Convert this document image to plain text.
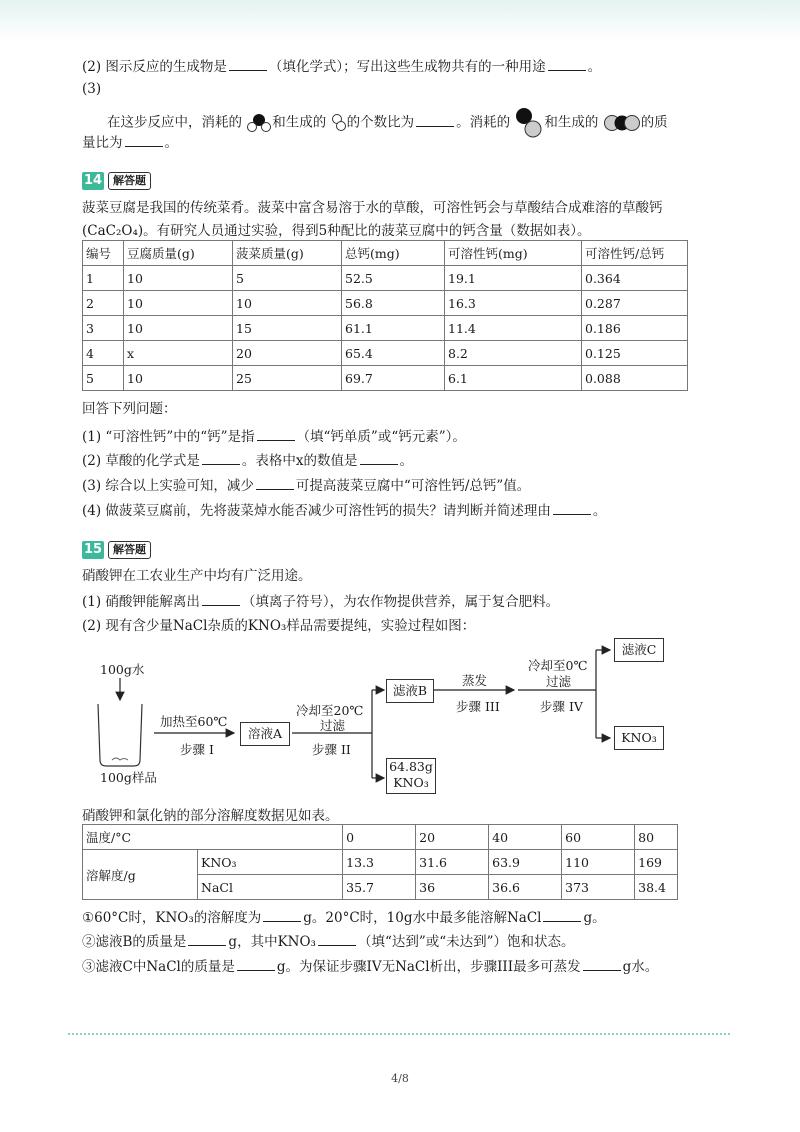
(2) 图示反应的生成物是	（填化学式）；写出这些生成物共有的一种用途	。
(3)
在这步反应中，消耗的 和生成的 的个数比为	。消耗的	和生成的	的质
量比为	。
14 解答题
菠菜豆腐是我国的传统菜肴。菠菜中富含易溶于水的草酸，可溶性钙会与草酸结合成难溶的草酸钙
(CaC₂O₄)。有研究人员通过实验，得到5种配比的菠菜豆腐中的钙含量（数据如表）。
编号	豆腐质量(g)	菠菜质量(g)	总钙(mg)	可溶性钙(mg)	可溶性钙/总钙
1	10	5	52.5	19.1	0.364
2	10	10	56.8	16.3	0.287
3	10	15	61.1	11.4	0.186
4	x	20	65.4	8.2	0.125
5	10	25	69.7	6.1	0.088
回答下列问题：
(1) “可溶性钙”中的“钙”是指	（填“钙单质”或“钙元素”）。
(2) 草酸的化学式是	。表格中x的数值是	。
(3) 综合以上实验可知，减少	可提高菠菜豆腐中“可溶性钙/总钙”值。
(4) 做菠菜豆腐前，先将菠菜焯水能否减少可溶性钙的损失？请判断并简述理由	。
15 解答题
硝酸钾在工农业生产中均有广泛用途。
(1) 硝酸钾能解离出	（填离子符号），为农作物提供营养，属于复合肥料。
(2) 现有含少量NaCl杂质的KNO₃样品需要提纯，实验过程如图：
100g水
100g样品
加热至60℃
步骤 I
溶液A
冷却至20℃
过滤
步骤 II
滤液B
64.83g
KNO₃
蒸发
步骤 III
冷却至0℃
过滤
步骤 IV
滤液C
KNO₃
硝酸钾和氯化钠的部分溶解度数据见如表。
温度/°C		0	20	40	60	80
溶解度/g	KNO₃	13.3	31.6	63.9	110	169
	NaCl	35.7	36	36.6	373	38.4
①60°C时，KNO₃的溶解度为	g。20°C时，10g水中最多能溶解NaCl	g。
②滤液B的质量是	g，其中KNO₃	（填“达到”或“未达到”）饱和状态。
③滤液C中NaCl的质量是	g。为保证步骤IV无NaCl析出，步骤III最多可蒸发	g水。
4/8
